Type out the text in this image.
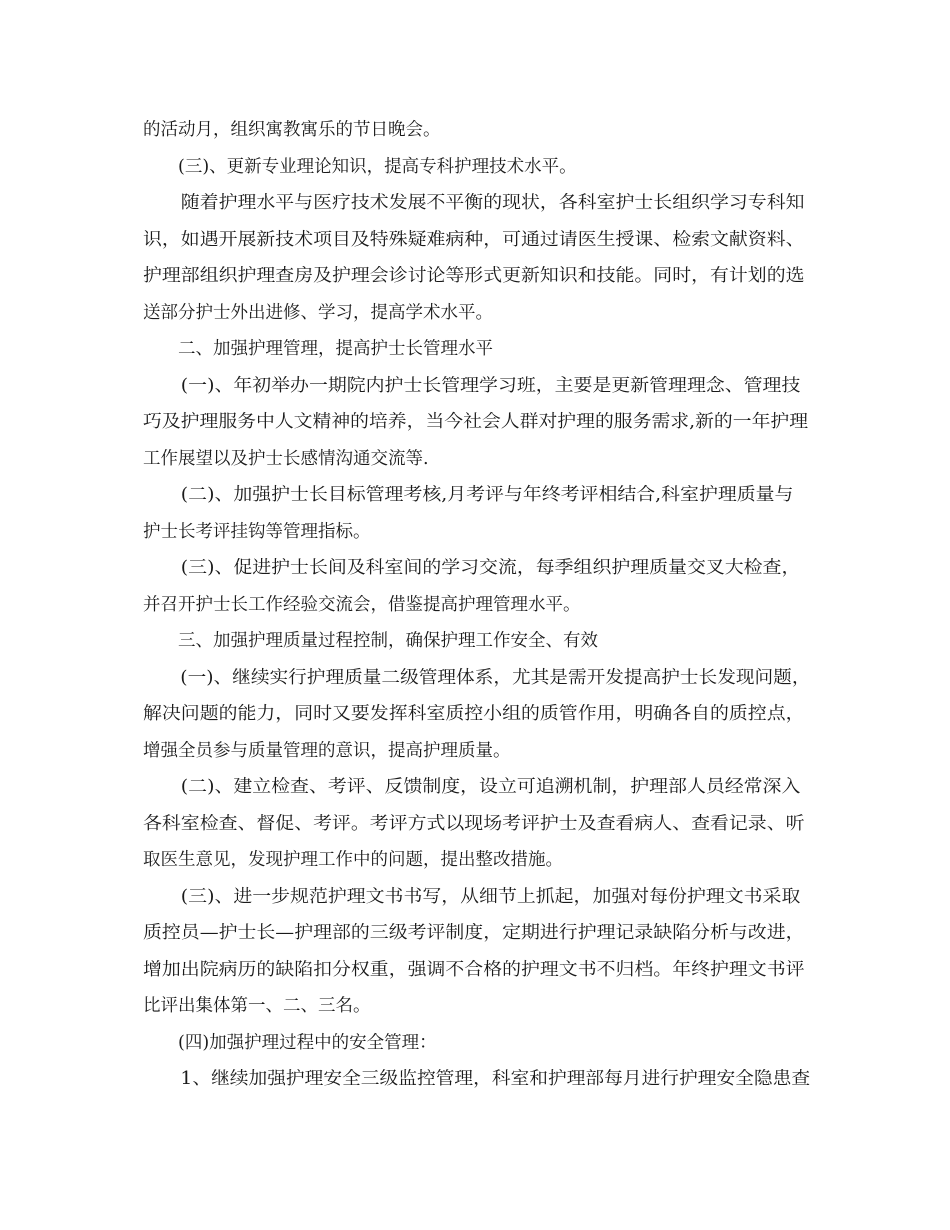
的活动月，组织寓教寓乐的节日晚会。
(三)、更新专业理论知识，提高专科护理技术水平。
随着护理水平与医疗技术发展不平衡的现状，各科室护士长组织学习专科知
识，如遇开展新技术项目及特殊疑难病种，可通过请医生授课、检索文献资料、
护理部组织护理查房及护理会诊讨论等形式更新知识和技能。同时，有计划的选
送部分护士外出进修、学习，提高学术水平。
二、加强护理管理，提高护士长管理水平
(一)、年初举办一期院内护士长管理学习班，主要是更新管理理念、管理技
巧及护理服务中人文精神的培养，当今社会人群对护理的服务需求,新的一年护理
工作展望以及护士长感情沟通交流等.
(二)、加强护士长目标管理考核,月考评与年终考评相结合,科室护理质量与
护士长考评挂钩等管理指标。
(三)、促进护士长间及科室间的学习交流，每季组织护理质量交叉大检查，
并召开护士长工作经验交流会，借鉴提高护理管理水平。
三、加强护理质量过程控制，确保护理工作安全、有效
(一)、继续实行护理质量二级管理体系，尤其是需开发提高护士长发现问题，
解决问题的能力，同时又要发挥科室质控小组的质管作用，明确各自的质控点，
增强全员参与质量管理的意识，提高护理质量。
(二)、建立检查、考评、反馈制度，设立可追溯机制，护理部人员经常深入
各科室检查、督促、考评。考评方式以现场考评护士及查看病人、查看记录、听
取医生意见，发现护理工作中的问题，提出整改措施。
(三)、进一步规范护理文书书写，从细节上抓起，加强对每份护理文书采取
质控员—护士长—护理部的三级考评制度，定期进行护理记录缺陷分析与改进，
增加出院病历的缺陷扣分权重，强调不合格的护理文书不归档。年终护理文书评
比评出集体第一、二、三名。
(四)加强护理过程中的安全管理：
1、继续加强护理安全三级监控管理，科室和护理部每月进行护理安全隐患查
